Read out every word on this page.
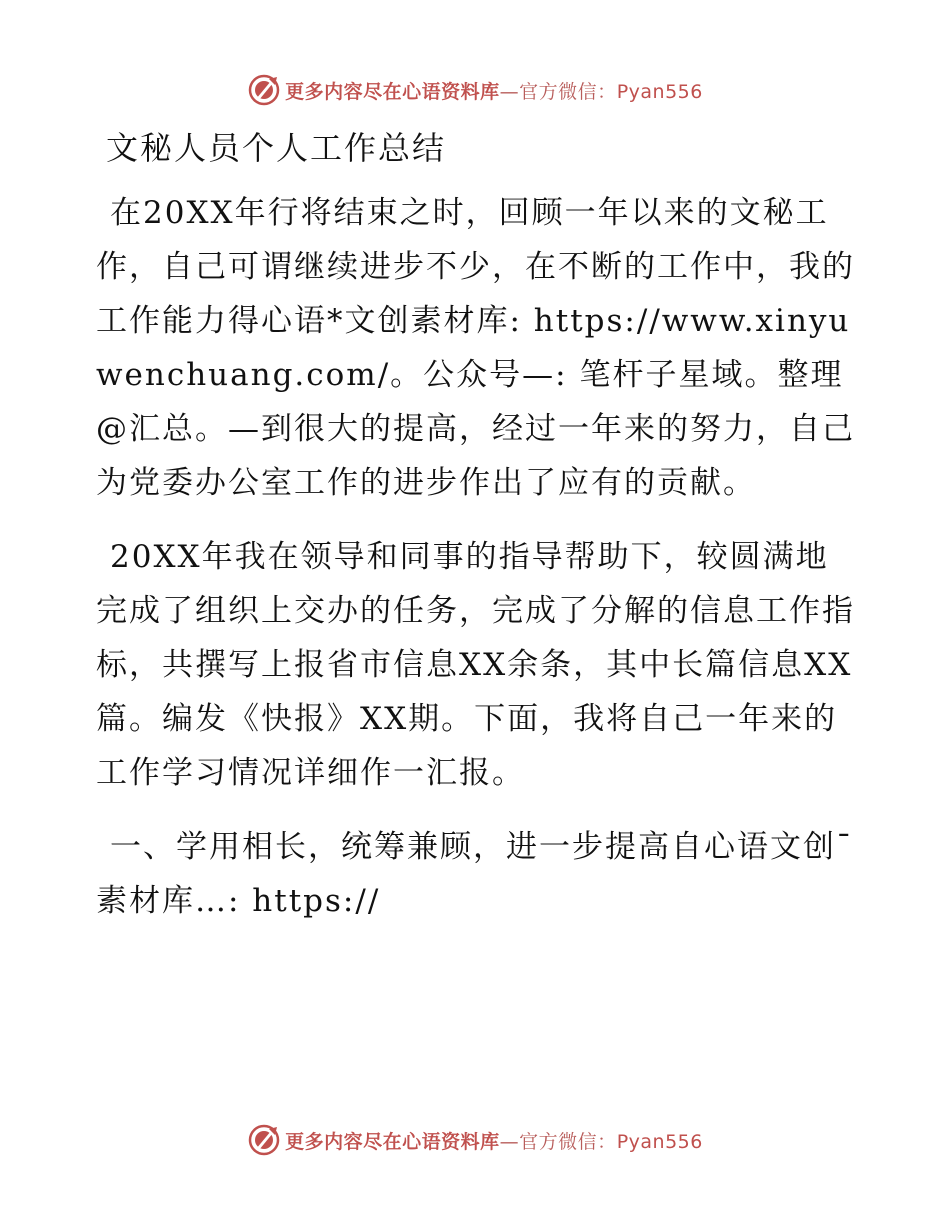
更多内容尽在心语资料库—官方微信：Pyan556
文秘人员个人工作总结

在20XX年行将结束之时，回顾一年以来的文秘工作，自己可谓继续进步不少，在不断的工作中，我的工作能力得心语*文创素材库: https://www.xinyuwenchuang.com/。公众号—: 笔杆子星域。整理@汇总。—到很大的提高，经过一年来的努力，自己为党委办公室工作的进步作出了应有的贡献。

20XX年我在领导和同事的指导帮助下，较圆满地完成了组织上交办的任务，完成了分解的信息工作指标，共撰写上报省市信息XX余条，其中长篇信息XX篇。编发《快报》XX期。下面，我将自己一年来的工作学习情况详细作一汇报。

一、学用相长，统筹兼顾，进一步提高自心语文创¯素材库…: https://

更多内容尽在心语资料库—官方微信：Pyan556
